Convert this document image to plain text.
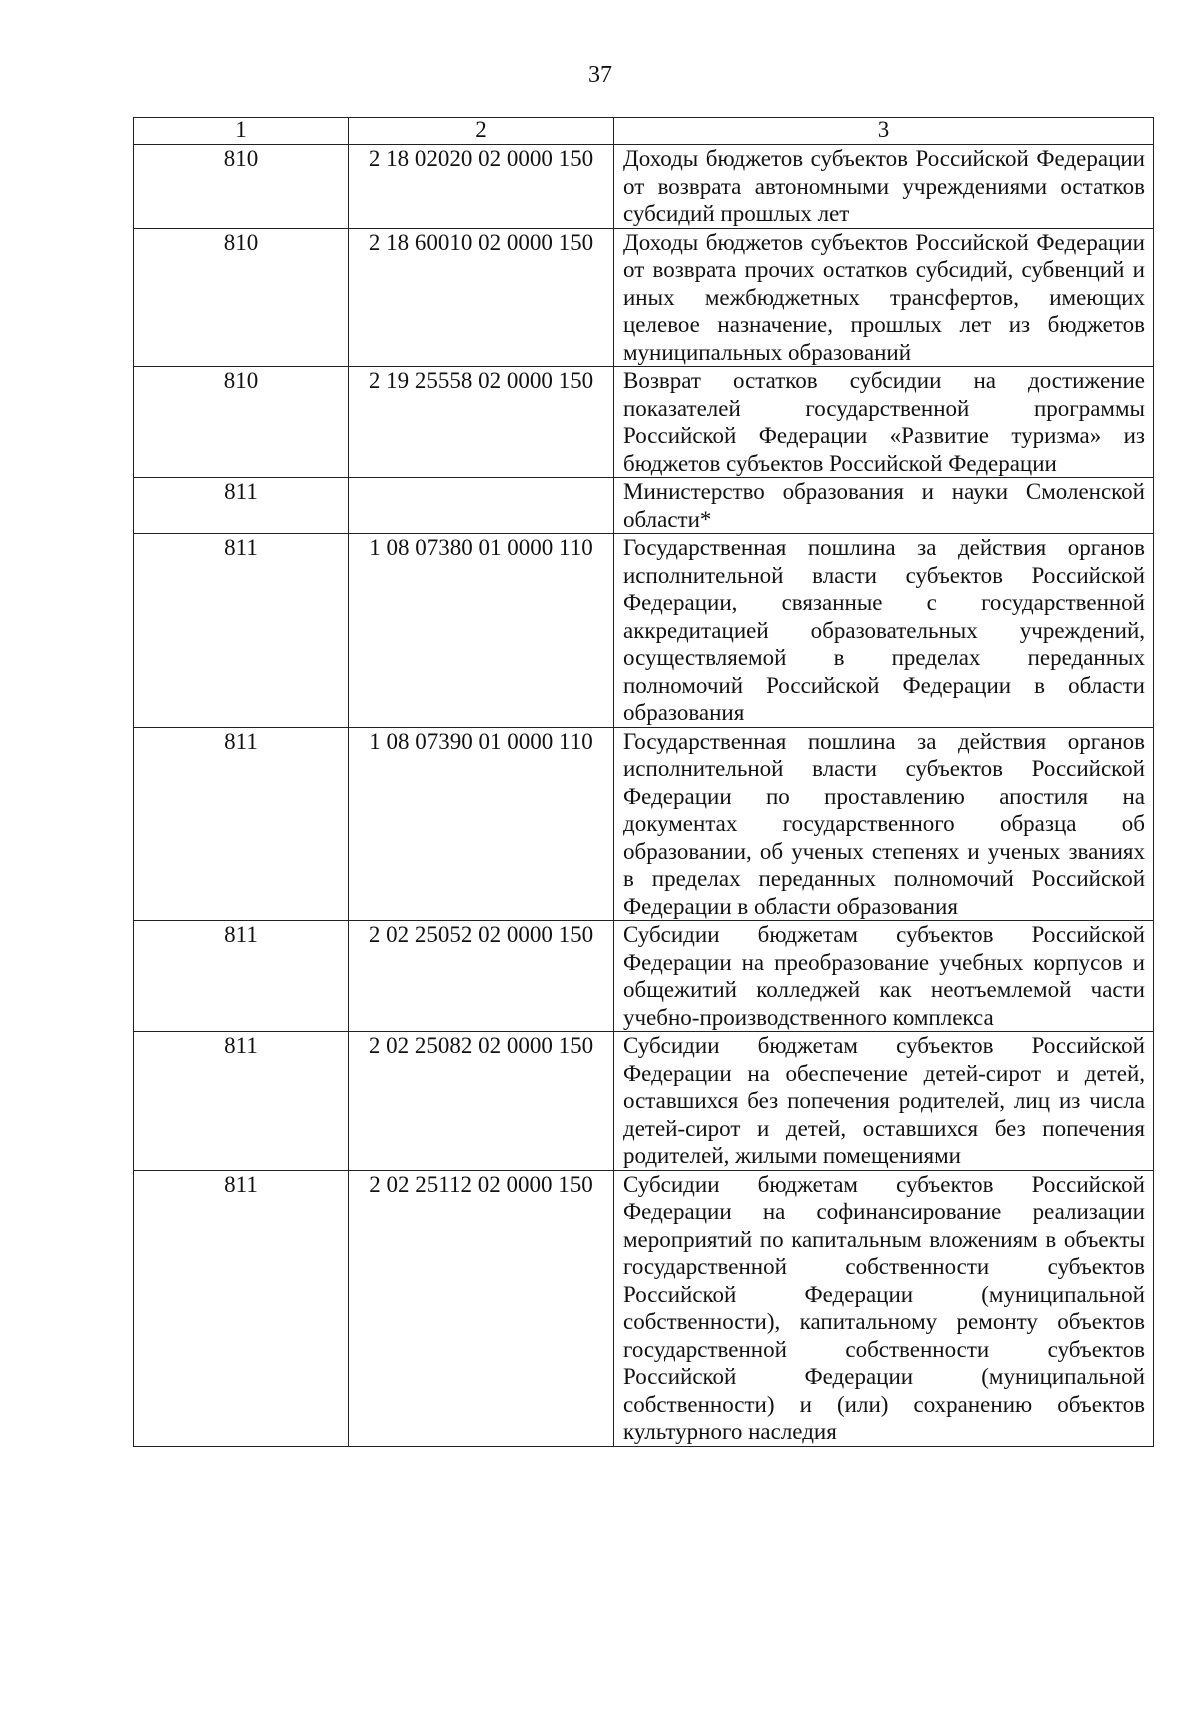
37
1	2	3
810	2 18 02020 02 0000 150	Доходы бюджетов субъектов Российской Федерации от возврата автономными учреждениями остатков субсидий прошлых лет
810	2 18 60010 02 0000 150	Доходы бюджетов субъектов Российской Федерации от возврата прочих остатков субсидий, субвенций и иных межбюджетных трансфертов, имеющих целевое назначение, прошлых лет из бюджетов муниципальных образований
810	2 19 25558 02 0000 150	Возврат остатков субсидии на достижение показателей государственной программы Российской Федерации «Развитие туризма» из бюджетов субъектов Российской Федерации
811		Министерство образования и науки Смоленской области*
811	1 08 07380 01 0000 110	Государственная пошлина за действия органов исполнительной власти субъектов Российской Федерации, связанные с государственной аккредитацией образовательных учреждений, осуществляемой в пределах переданных полномочий Российской Федерации в области образования
811	1 08 07390 01 0000 110	Государственная пошлина за действия органов исполнительной власти субъектов Российской Федерации по проставлению апостиля на документах государственного образца об образовании, об ученых степенях и ученых званиях в пределах переданных полномочий Российской Федерации в области образования
811	2 02 25052 02 0000 150	Субсидии бюджетам субъектов Российской Федерации на преобразование учебных корпусов и общежитий колледжей как неотъемлемой части учебно-производственного комплекса
811	2 02 25082 02 0000 150	Субсидии бюджетам субъектов Российской Федерации на обеспечение детей-сирот и детей, оставшихся без попечения родителей, лиц из числа детей-сирот и детей, оставшихся без попечения родителей, жилыми помещениями
811	2 02 25112 02 0000 150	Субсидии бюджетам субъектов Российской Федерации на софинансирование реализации мероприятий по капитальным вложениям в объекты государственной собственности субъектов Российской Федерации (муниципальной собственности), капитальному ремонту объектов государственной собственности субъектов Российской Федерации (муниципальной собственности) и (или) сохранению объектов культурного наследия
